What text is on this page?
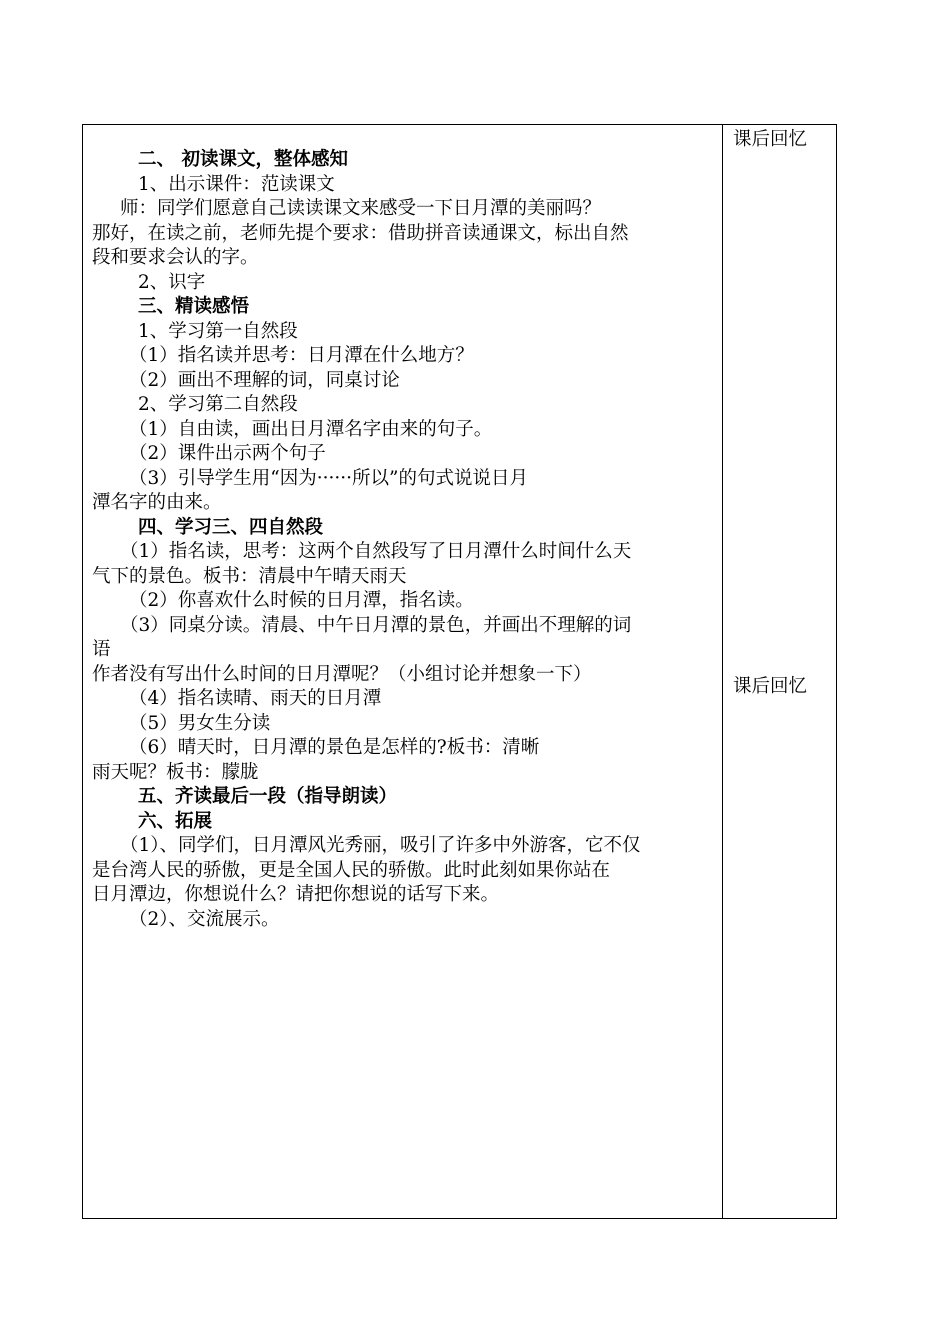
课后回忆
课后回忆
二、 初读课文，整体感知
1、出示课件：范读课文
师：同学们愿意自己读读课文来感受一下日月潭的美丽吗？
那好，在读之前，老师先提个要求：借助拼音读通课文，标出自然
段和要求会认的字。
2、识字
三、精读感悟
1、学习第一自然段
（1）指名读并思考：日月潭在什么地方？
（2）画出不理解的词，同桌讨论
2、学习第二自然段
（1）自由读，画出日月潭名字由来的句子。
（2）课件出示两个句子
（3）引导学生用“因为······所以”的句式说说日月
潭名字的由来。
四、学习三、四自然段
（1）指名读，思考：这两个自然段写了日月潭什么时间什么天
气下的景色。板书：清晨中午晴天雨天
（2）你喜欢什么时候的日月潭，指名读。
（3）同桌分读。清晨、中午日月潭的景色，并画出不理解的词
语
作者没有写出什么时间的日月潭呢？（小组讨论并想象一下）
（4）指名读晴、雨天的日月潭
（5）男女生分读
（6）晴天时，日月潭的景色是怎样的?板书：清晰
雨天呢？板书：朦胧
五、齐读最后一段（指导朗读）
六、拓展
（1）、同学们，日月潭风光秀丽，吸引了许多中外游客，它不仅
是台湾人民的骄傲，更是全国人民的骄傲。此时此刻如果你站在
日月潭边，你想说什么？请把你想说的话写下来。
（2）、交流展示。
